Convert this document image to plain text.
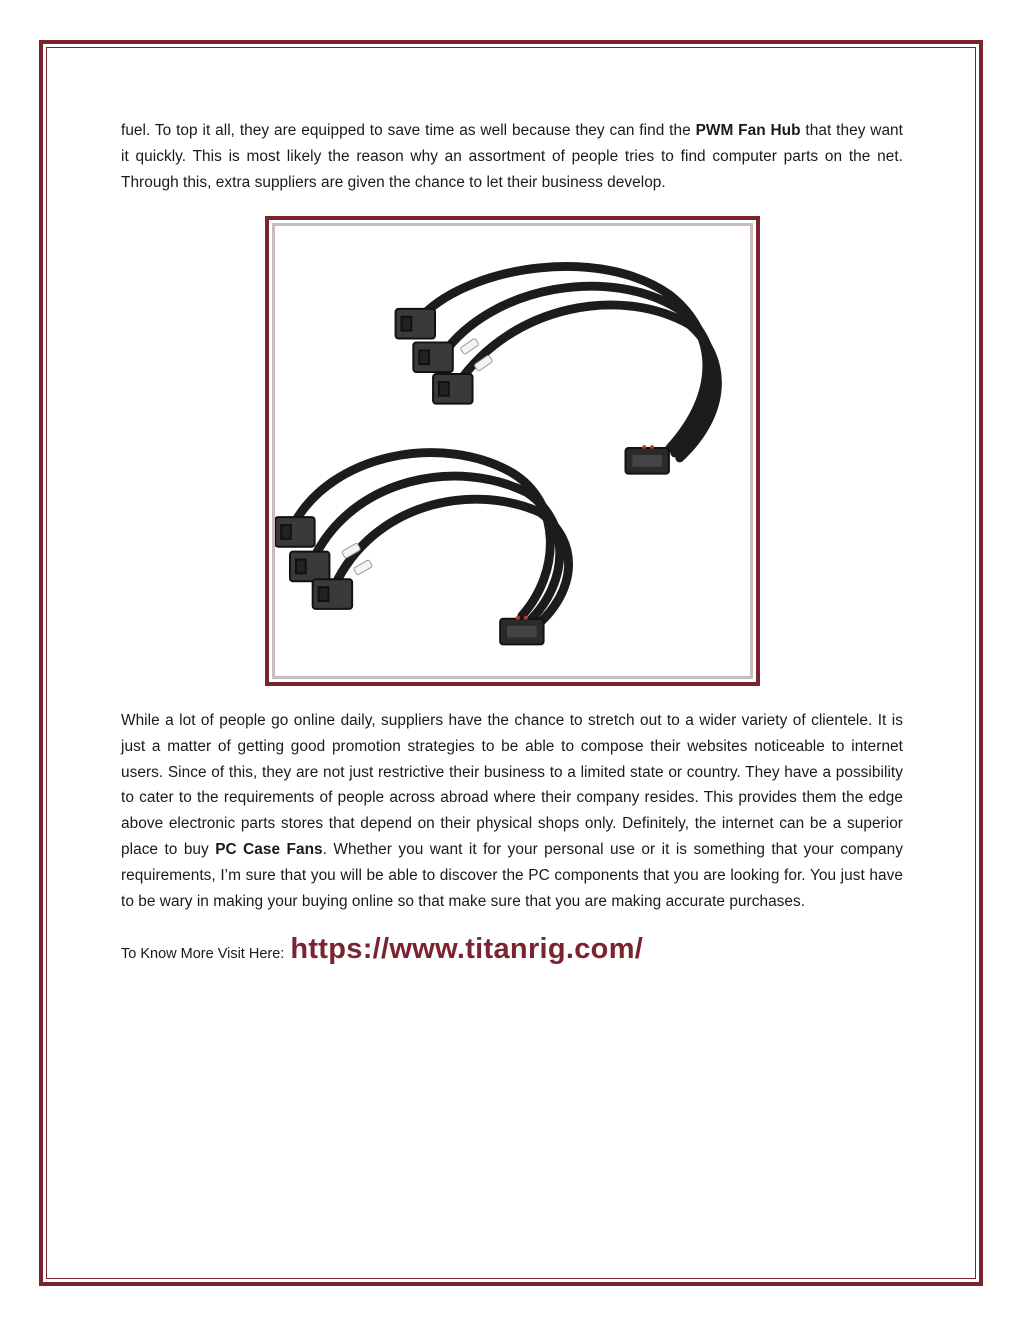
fuel. To top it all, they are equipped to save time as well because they can find the PWM Fan Hub that they want it quickly. This is most likely the reason why an assortment of people tries to find computer parts on the net. Through this, extra suppliers are given the chance to let their business develop.

While a lot of people go online daily, suppliers have the chance to stretch out to a wider variety of clientele. It is just a matter of getting good promotion strategies to be able to compose their websites noticeable to internet users. Since of this, they are not just restrictive their business to a limited state or country. They have a possibility to cater to the requirements of people across abroad where their company resides. This provides them the edge above electronic parts stores that depend on their physical shops only. Definitely, the internet can be a superior place to buy PC Case Fans. Whether you want it for your personal use or it is something that your company requirements, I’m sure that you will be able to discover the PC components that you are looking for. You just have to be wary in making your buying online so that make sure that you are making accurate purchases.

To Know More Visit Here: https://www.titanrig.com/
